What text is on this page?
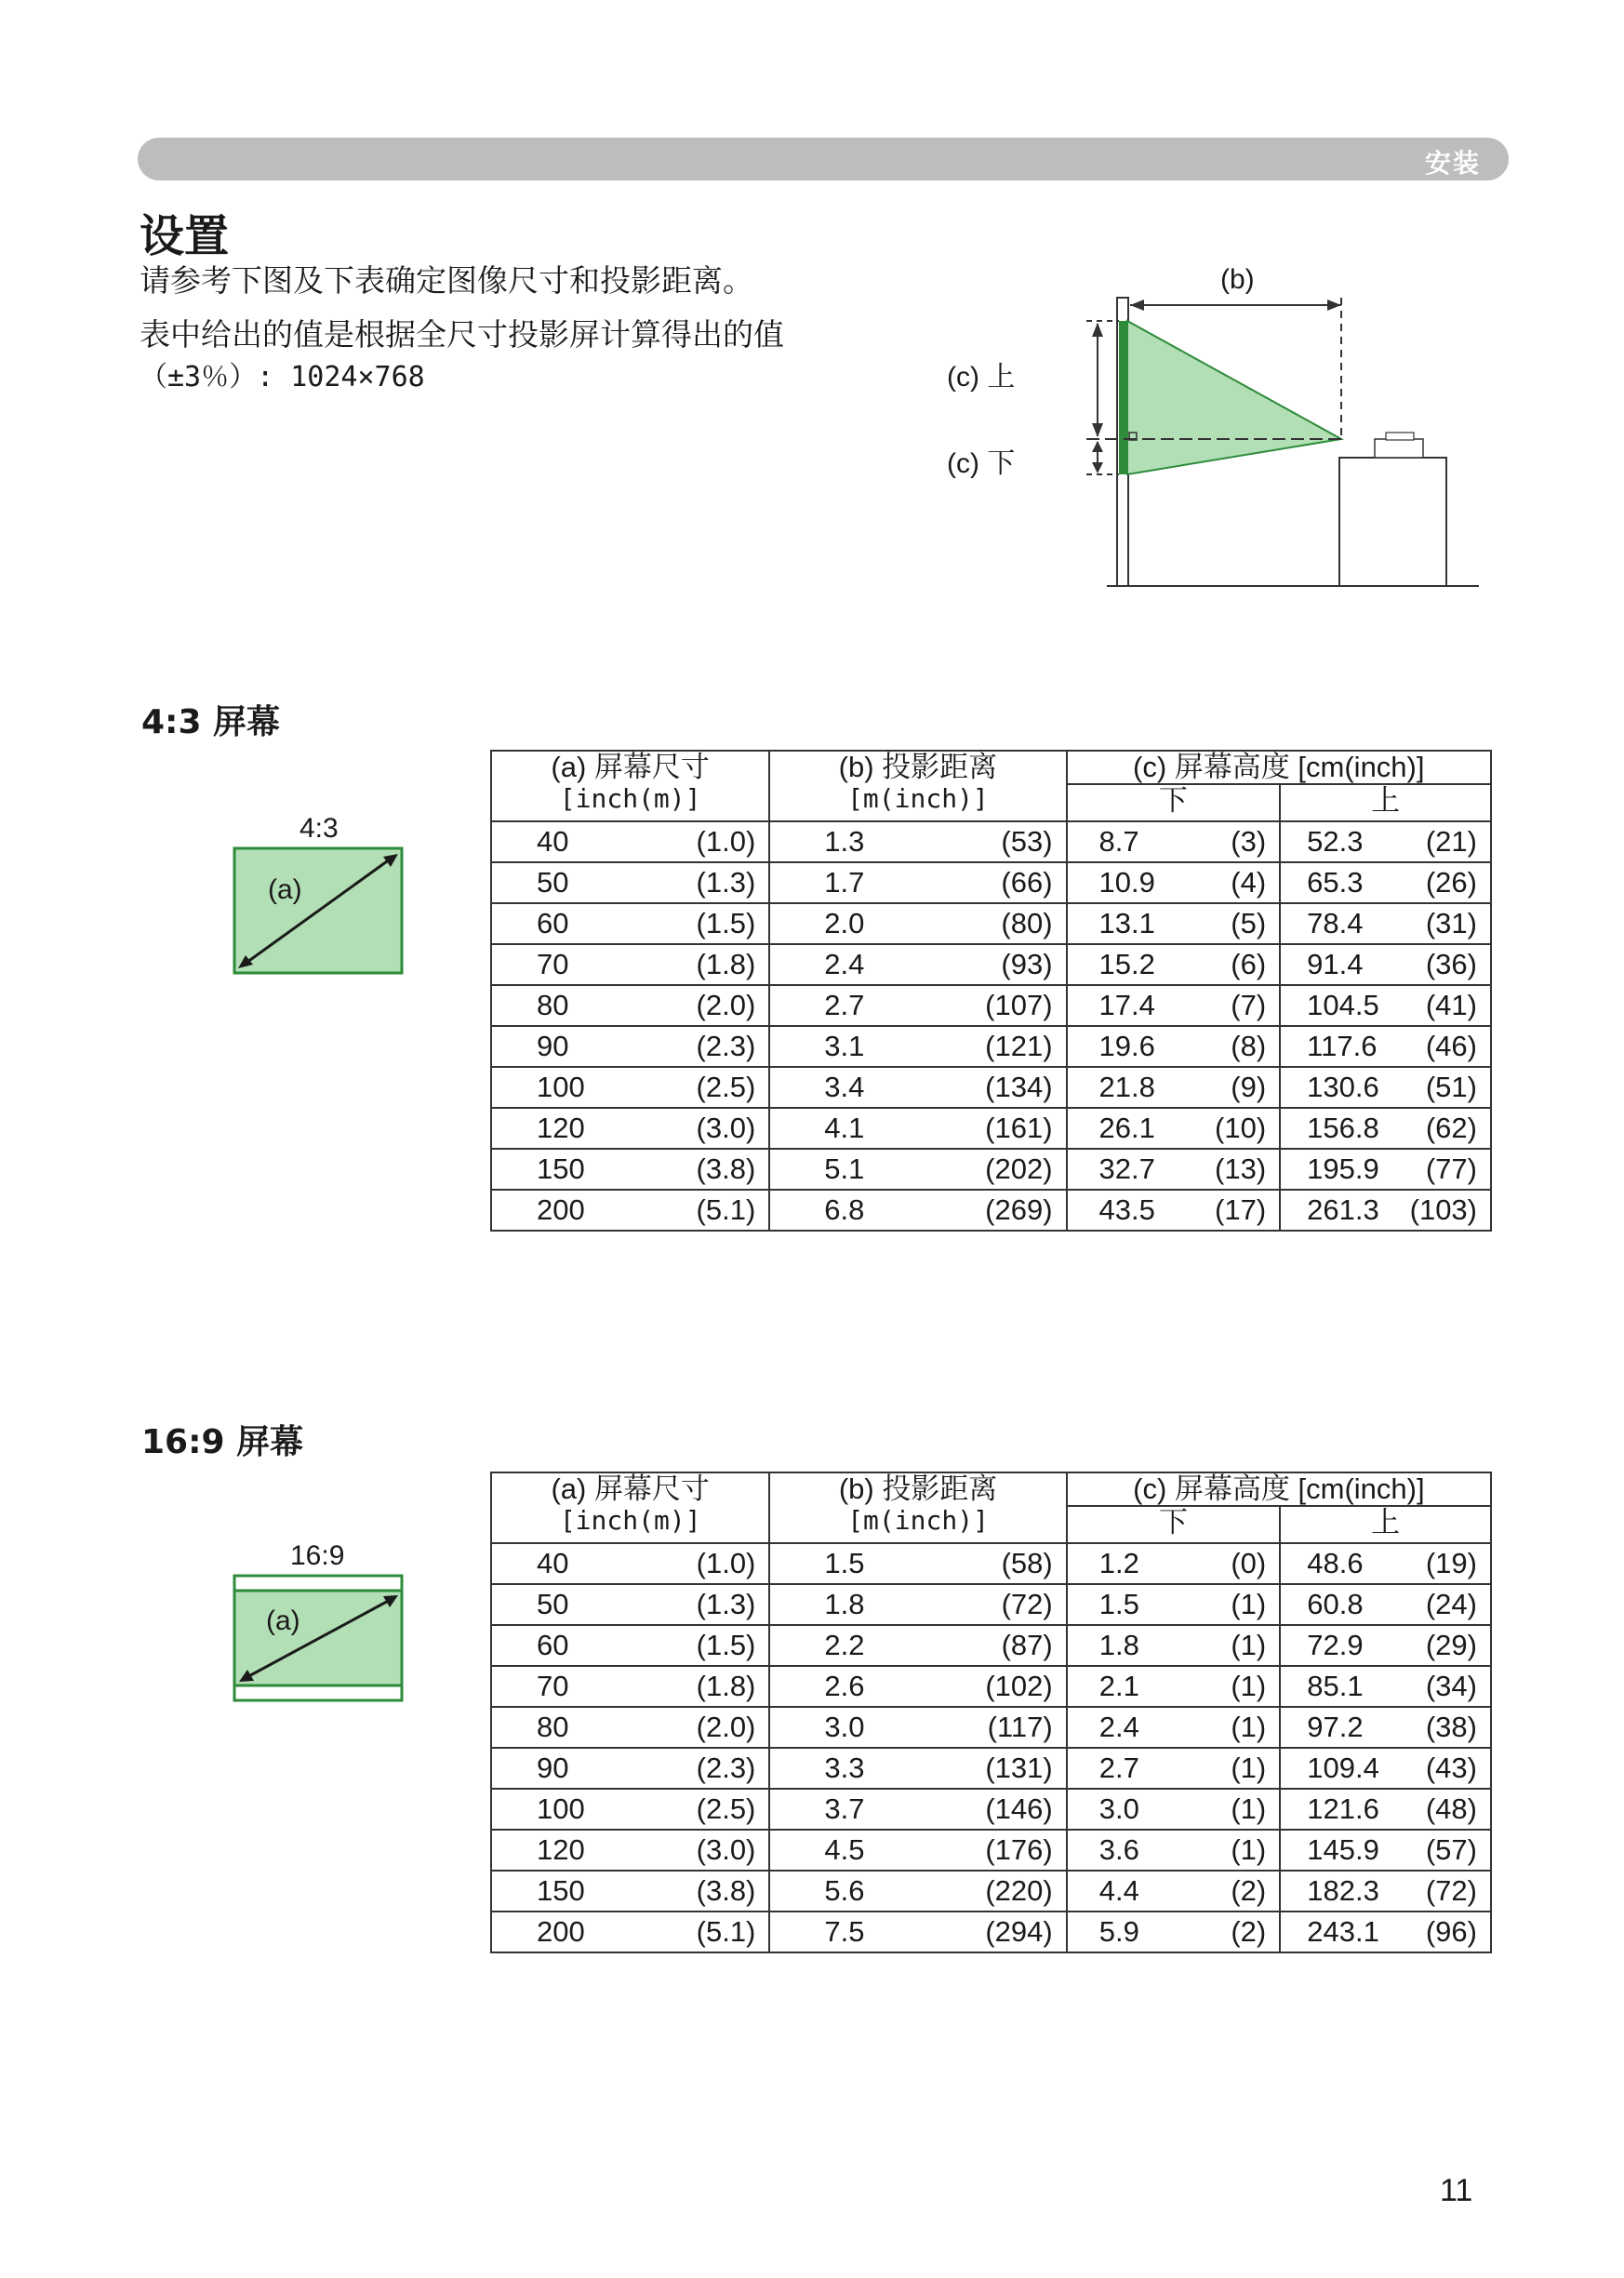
安装
设置
请参考下图及下表确定图像尺寸和投影距离。
表中给出的值是根据全尺寸投影屏计算得出的值
（±3％）: 1024×768
(b)
(c) 上
(c) 下
4:3 屏幕
4:3
(a)
(a) 屏幕尺寸
[inch(m)]	(b) 投影距离
[m(inch)]	(c) 屏幕高度 [cm(inch)]	
		下	上

40 (1.0)	1.3 (53)	8.7 (3)	52.3 (21)

50 (1.3)	1.7 (66)	10.9 (4)	65.3 (26)

60 (1.5)	2.0 (80)	13.1 (5)	78.4 (31)

70 (1.8)	2.4 (93)	15.2 (6)	91.4 (36)

80 (2.0)	2.7 (107)	17.4 (7)	104.5 (41)

90 (2.3)	3.1 (121)	19.6 (8)	117.6 (46)

100 (2.5)	3.4 (134)	21.8 (9)	130.6 (51)

120 (3.0)	4.1 (161)	26.1 (10)	156.8 (62)

150 (3.8)	5.1 (202)	32.7 (13)	195.9 (77)

200 (5.1)	6.8 (269)	43.5 (17)	261.3 (103)
16:9 屏幕
16:9
(a)
(a) 屏幕尺寸
[inch(m)]	(b) 投影距离
[m(inch)]	(c) 屏幕高度 [cm(inch)]	
		下	上

40 (1.0)	1.5 (58)	1.2 (0)	48.6 (19)

50 (1.3)	1.8 (72)	1.5 (1)	60.8 (24)

60 (1.5)	2.2 (87)	1.8 (1)	72.9 (29)

70 (1.8)	2.6 (102)	2.1 (1)	85.1 (34)

80 (2.0)	3.0 (117)	2.4 (1)	97.2 (38)

90 (2.3)	3.3 (131)	2.7 (1)	109.4 (43)

100 (2.5)	3.7 (146)	3.0 (1)	121.6 (48)

120 (3.0)	4.5 (176)	3.6 (1)	145.9 (57)

150 (3.8)	5.6 (220)	4.4 (2)	182.3 (72)

200 (5.1)	7.5 (294)	5.9 (2)	243.1 (96)
11
